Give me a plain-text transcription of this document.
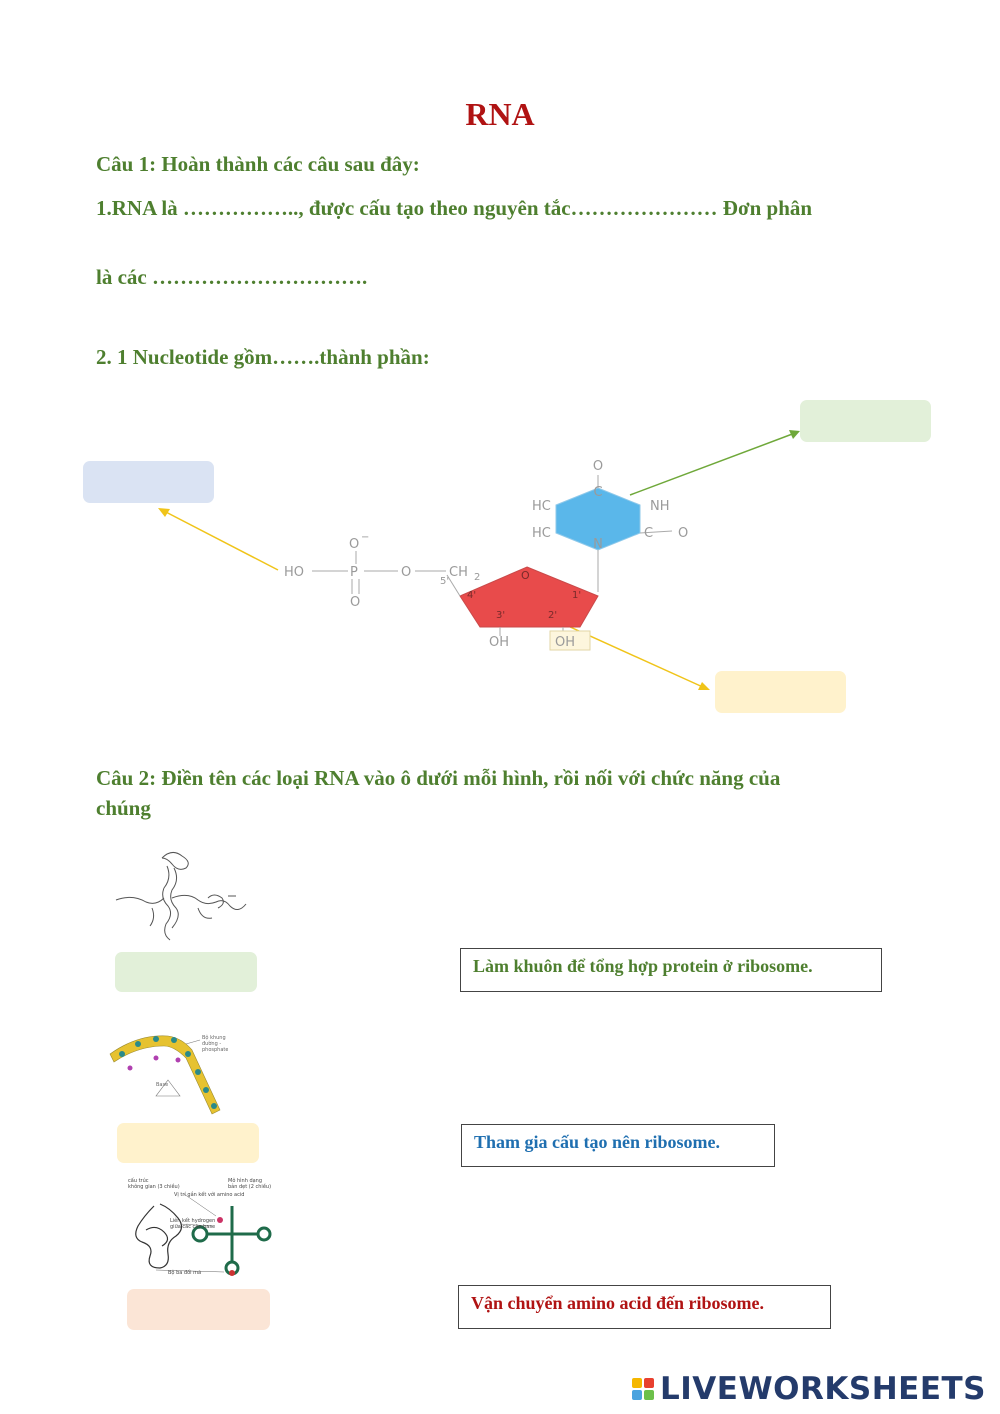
RNA
Câu 1: Hoàn thành các câu sau đây:
1.RNA là …………….., được cấu tạo theo nguyên tắc………………… Đơn phân
là các ………………………….
2. 1 Nucleotide gồm…….thành phần:
O
C
NH
HC
HC
N
C O
O −
HO	P	O	CH 2
O
O
4'
3'	2'
1'
5'
OH	OH
Câu 2: Điền tên các loại RNA vào ô dưới mỗi hình, rồi nối với chức năng của
chúng
Bộ khung
đường -
phosphate
Base
cấu trúc
không gian (3 chiều)
Mô hình dạng
bản dẹt (2 chiều)
Vị trí gắn kết với amino acid
Liên kết hydrogen
giữa các cặp base
Bộ ba đối mã
Làm khuôn để tổng hợp protein ở ribosome.
Tham gia cấu tạo nên ribosome.
Vận chuyển amino acid đến ribosome.
LIVEWORKSHEETS
